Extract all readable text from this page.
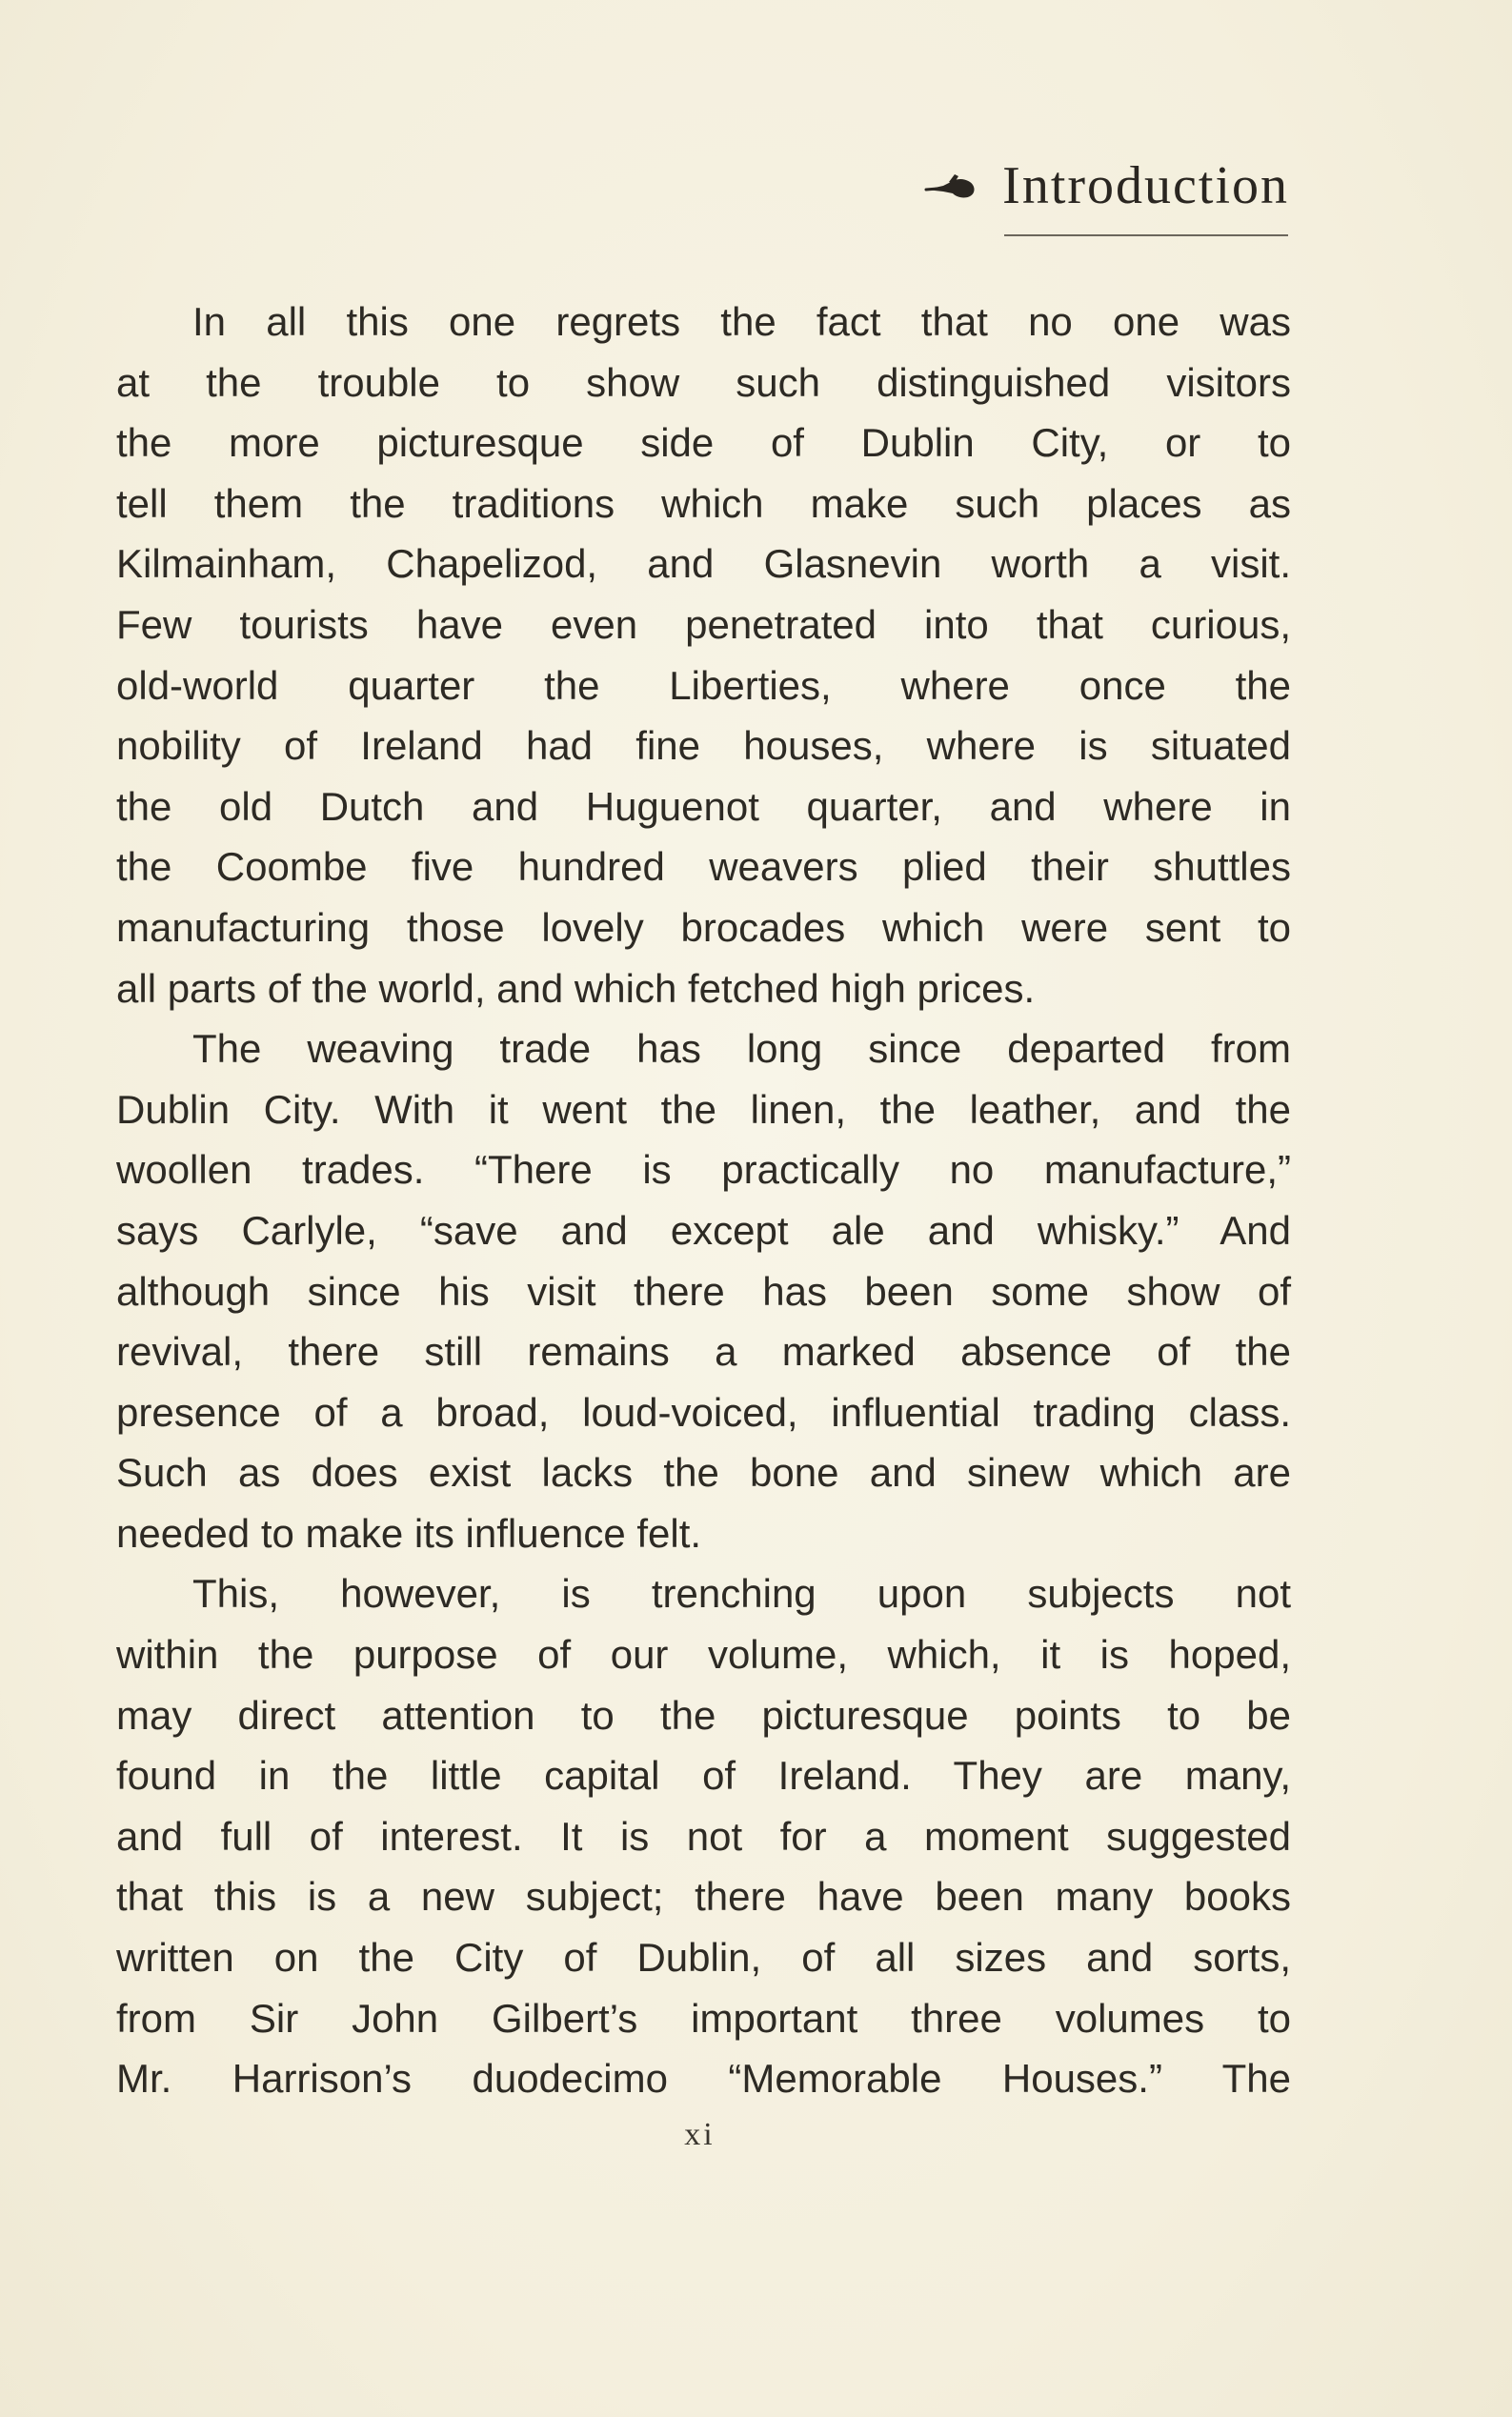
Introduction
In all this one regrets the fact that no one was
at the trouble to show such distinguished visitors
the more picturesque side of Dublin City, or to
tell them the traditions which make such places as
Kilmainham, Chapelizod, and Glasnevin worth a visit.
Few tourists have even penetrated into that curious,
old-world quarter the Liberties, where once the
nobility of Ireland had fine houses, where is situated
the old Dutch and Huguenot quarter, and where in
the Coombe five hundred weavers plied their shuttles
manufacturing those lovely brocades which were sent to
all parts of the world, and which fetched high prices.
The weaving trade has long since departed from
Dublin City. With it went the linen, the leather, and the
woollen trades. “There is practically no manufacture,”
says Carlyle, “save and except ale and whisky.” And
although since his visit there has been some show of
revival, there still remains a marked absence of the
presence of a broad, loud-voiced, influential trading class.
Such as does exist lacks the bone and sinew which are
needed to make its influence felt.
This, however, is trenching upon subjects not
within the purpose of our volume, which, it is hoped,
may direct attention to the picturesque points to be
found in the little capital of Ireland. They are many,
and full of interest. It is not for a moment suggested
that this is a new subject; there have been many books
written on the City of Dublin, of all sizes and sorts,
from Sir John Gilbert’s important three volumes to
Mr. Harrison’s duodecimo “Memorable Houses.” The
xi
